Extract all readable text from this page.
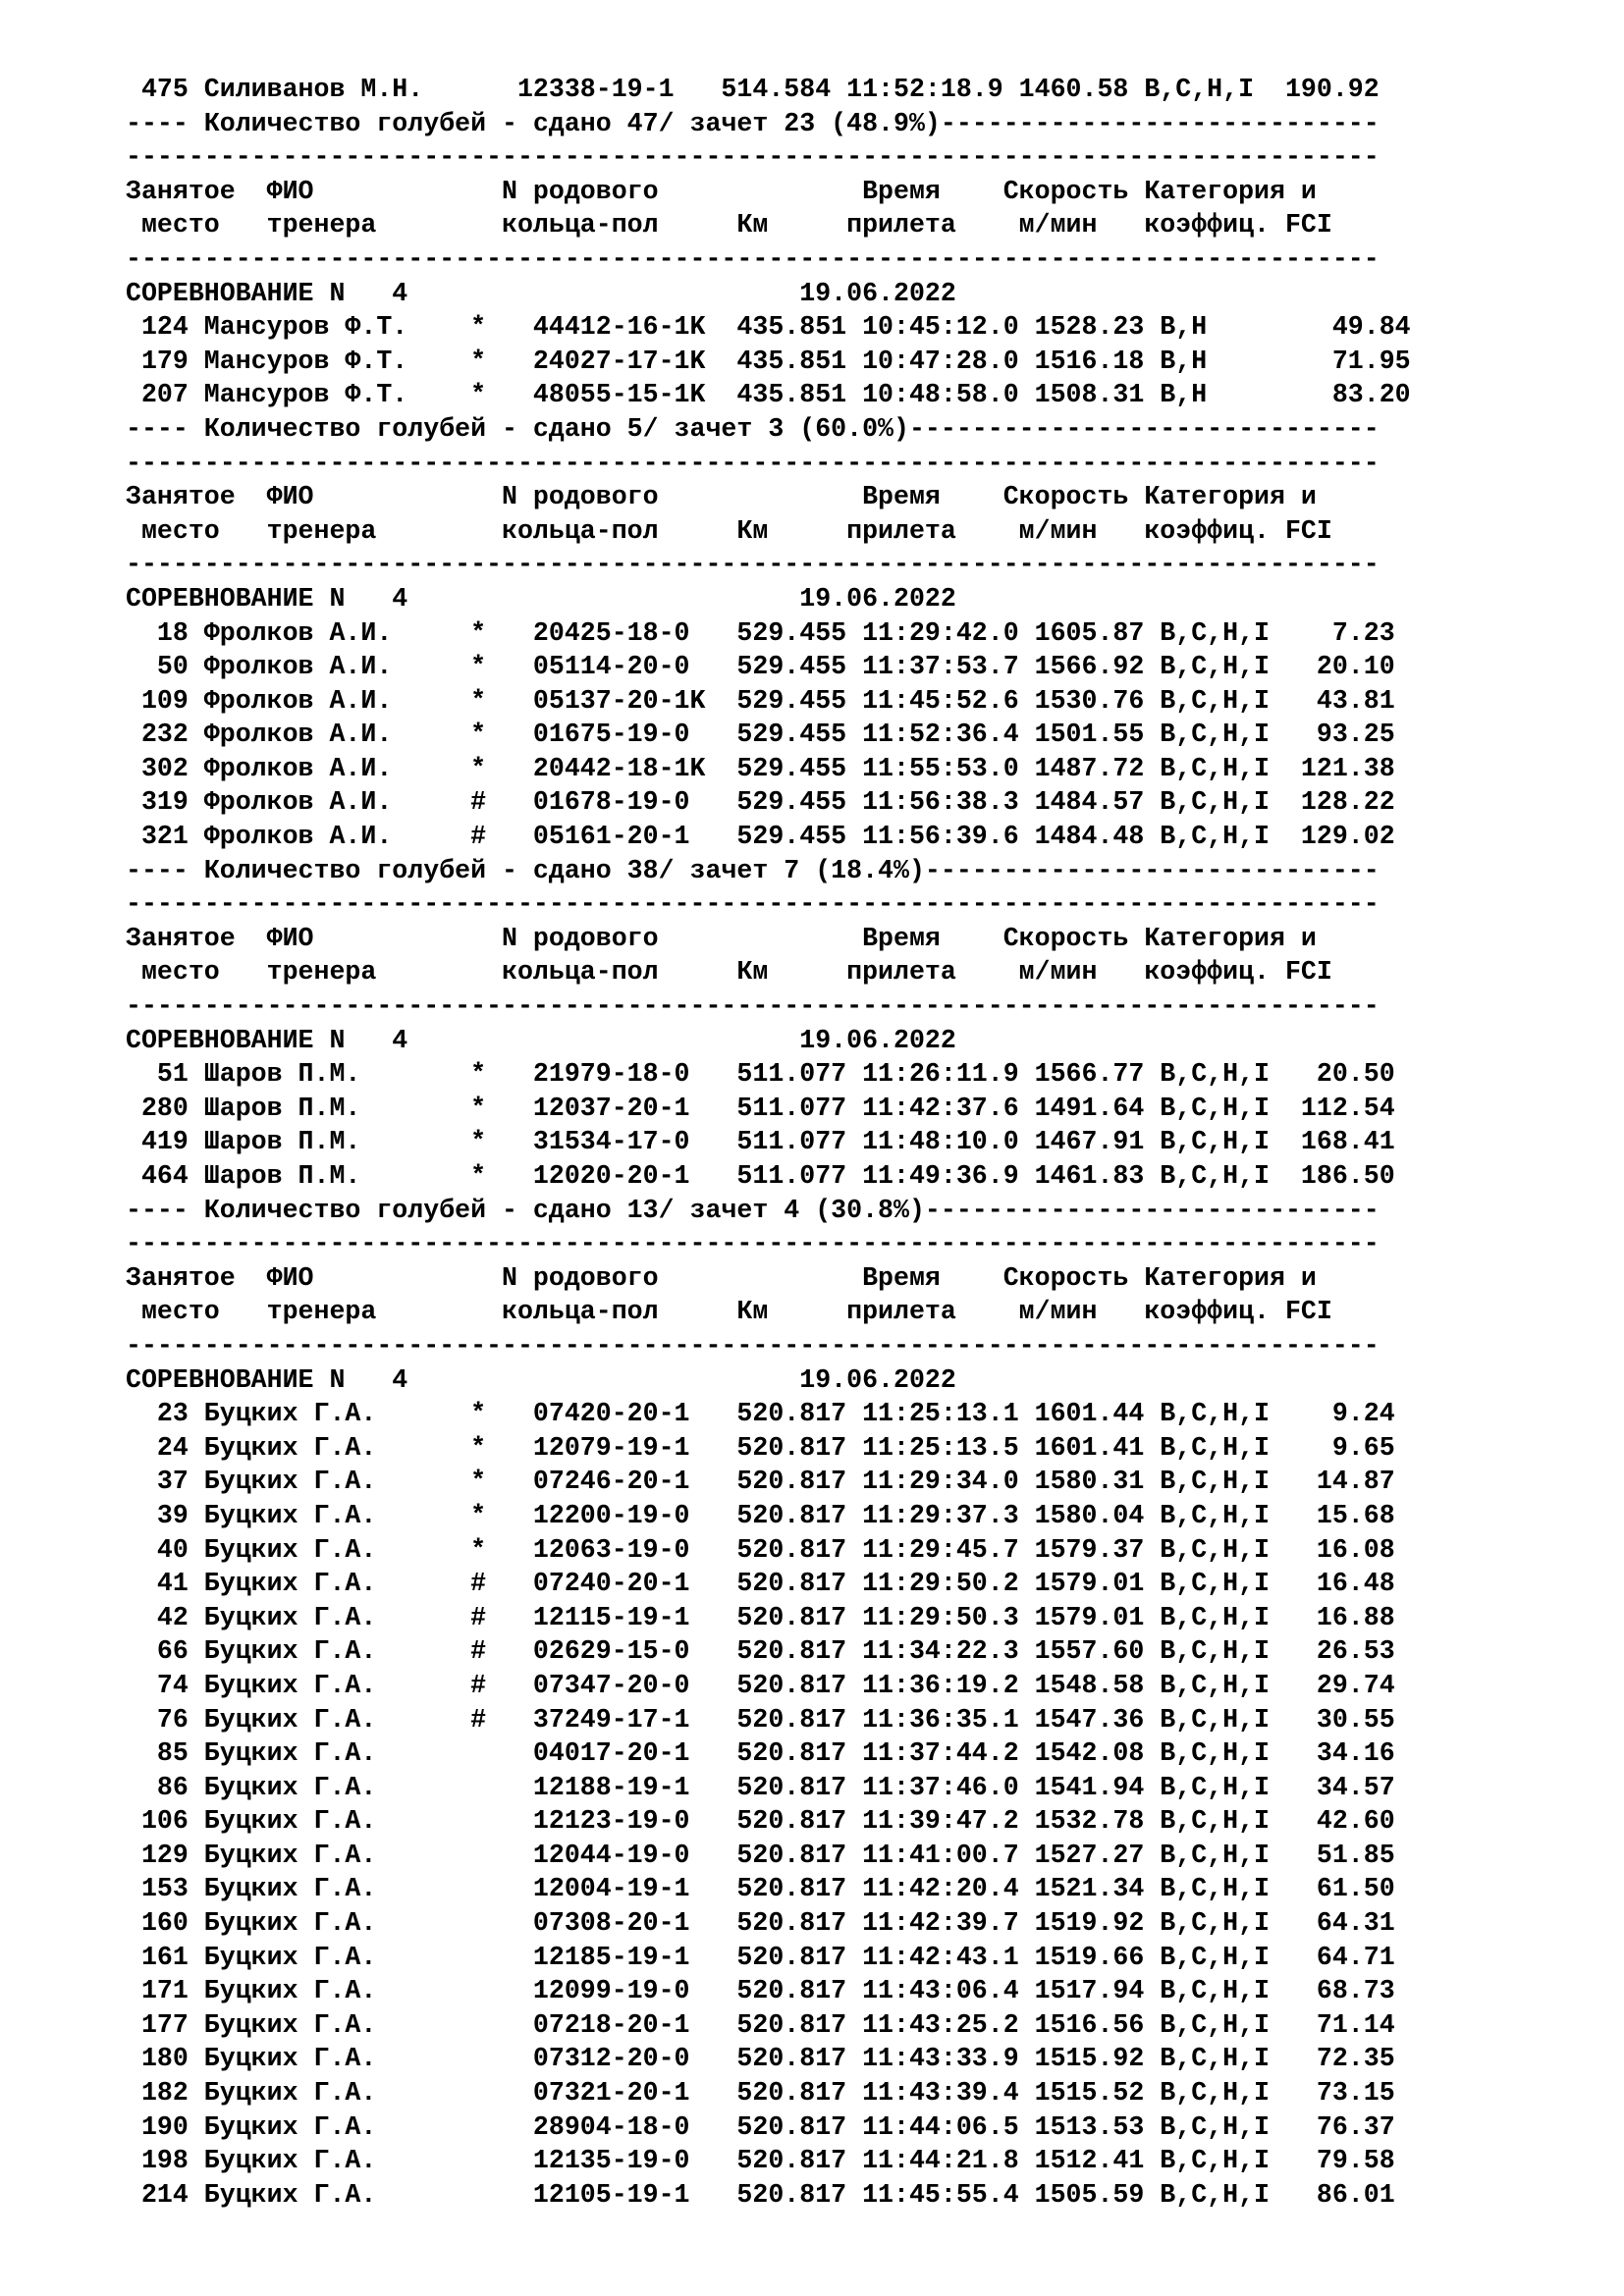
475 Силиванов М.Н.      12338-19-1   514.584 11:52:18.9 1460.58 B,C,H,I  190.92
---- Количество голубей - сдано 47/ зачет 23 (48.9%)----------------------------
--------------------------------------------------------------------------------
Занятое  ФИО            N родового             Время    Скорость Категория и
место   тренера        кольца-пол     Км     прилета    м/мин   коэффиц. FCI
--------------------------------------------------------------------------------
СОРЕВНОВАНИЕ N   4                         19.06.2022
124 Мансуров Ф.Т.    *   44412-16-1K  435.851 10:45:12.0 1528.23 B,H        49.84
179 Мансуров Ф.Т.    *   24027-17-1K  435.851 10:47:28.0 1516.18 B,H        71.95
207 Мансуров Ф.Т.    *   48055-15-1K  435.851 10:48:58.0 1508.31 B,H        83.20
---- Количество голубей - сдано 5/ зачет 3 (60.0%)------------------------------
--------------------------------------------------------------------------------
Занятое  ФИО            N родового             Время    Скорость Категория и
место   тренера        кольца-пол     Км     прилета    м/мин   коэффиц. FCI
--------------------------------------------------------------------------------
СОРЕВНОВАНИЕ N   4                         19.06.2022
18 Фролков А.И.     *   20425-18-0   529.455 11:29:42.0 1605.87 B,C,H,I    7.23
50 Фролков А.И.     *   05114-20-0   529.455 11:37:53.7 1566.92 B,C,H,I   20.10
109 Фролков А.И.     *   05137-20-1K  529.455 11:45:52.6 1530.76 B,C,H,I   43.81
232 Фролков А.И.     *   01675-19-0   529.455 11:52:36.4 1501.55 B,C,H,I   93.25
302 Фролков А.И.     *   20442-18-1K  529.455 11:55:53.0 1487.72 B,C,H,I  121.38
319 Фролков А.И.     #   01678-19-0   529.455 11:56:38.3 1484.57 B,C,H,I  128.22
321 Фролков А.И.     #   05161-20-1   529.455 11:56:39.6 1484.48 B,C,H,I  129.02
---- Количество голубей - сдано 38/ зачет 7 (18.4%)-----------------------------
--------------------------------------------------------------------------------
Занятое  ФИО            N родового             Время    Скорость Категория и
место   тренера        кольца-пол     Км     прилета    м/мин   коэффиц. FCI
--------------------------------------------------------------------------------
СОРЕВНОВАНИЕ N   4                         19.06.2022
51 Шаров П.М.       *   21979-18-0   511.077 11:26:11.9 1566.77 B,C,H,I   20.50
280 Шаров П.М.       *   12037-20-1   511.077 11:42:37.6 1491.64 B,C,H,I  112.54
419 Шаров П.М.       *   31534-17-0   511.077 11:48:10.0 1467.91 B,C,H,I  168.41
464 Шаров П.М.       *   12020-20-1   511.077 11:49:36.9 1461.83 B,C,H,I  186.50
---- Количество голубей - сдано 13/ зачет 4 (30.8%)-----------------------------
--------------------------------------------------------------------------------
Занятое  ФИО            N родового             Время    Скорость Категория и
место   тренера        кольца-пол     Км     прилета    м/мин   коэффиц. FCI
--------------------------------------------------------------------------------
СОРЕВНОВАНИЕ N   4                         19.06.2022
23 Буцких Г.А.      *   07420-20-1   520.817 11:25:13.1 1601.44 B,C,H,I    9.24
24 Буцких Г.А.      *   12079-19-1   520.817 11:25:13.5 1601.41 B,C,H,I    9.65
37 Буцких Г.А.      *   07246-20-1   520.817 11:29:34.0 1580.31 B,C,H,I   14.87
39 Буцких Г.А.      *   12200-19-0   520.817 11:29:37.3 1580.04 B,C,H,I   15.68
40 Буцких Г.А.      *   12063-19-0   520.817 11:29:45.7 1579.37 B,C,H,I   16.08
41 Буцких Г.А.      #   07240-20-1   520.817 11:29:50.2 1579.01 B,C,H,I   16.48
42 Буцких Г.А.      #   12115-19-1   520.817 11:29:50.3 1579.01 B,C,H,I   16.88
66 Буцких Г.А.      #   02629-15-0   520.817 11:34:22.3 1557.60 B,C,H,I   26.53
74 Буцких Г.А.      #   07347-20-0   520.817 11:36:19.2 1548.58 B,C,H,I   29.74
76 Буцких Г.А.      #   37249-17-1   520.817 11:36:35.1 1547.36 B,C,H,I   30.55
85 Буцких Г.А.          04017-20-1   520.817 11:37:44.2 1542.08 B,C,H,I   34.16
86 Буцких Г.А.          12188-19-1   520.817 11:37:46.0 1541.94 B,C,H,I   34.57
106 Буцких Г.А.          12123-19-0   520.817 11:39:47.2 1532.78 B,C,H,I   42.60
129 Буцких Г.А.          12044-19-0   520.817 11:41:00.7 1527.27 B,C,H,I   51.85
153 Буцких Г.А.          12004-19-1   520.817 11:42:20.4 1521.34 B,C,H,I   61.50
160 Буцких Г.А.          07308-20-1   520.817 11:42:39.7 1519.92 B,C,H,I   64.31
161 Буцких Г.А.          12185-19-1   520.817 11:42:43.1 1519.66 B,C,H,I   64.71
171 Буцких Г.А.          12099-19-0   520.817 11:43:06.4 1517.94 B,C,H,I   68.73
177 Буцких Г.А.          07218-20-1   520.817 11:43:25.2 1516.56 B,C,H,I   71.14
180 Буцких Г.А.          07312-20-0   520.817 11:43:33.9 1515.92 B,C,H,I   72.35
182 Буцких Г.А.          07321-20-1   520.817 11:43:39.4 1515.52 B,C,H,I   73.15
190 Буцких Г.А.          28904-18-0   520.817 11:44:06.5 1513.53 B,C,H,I   76.37
198 Буцких Г.А.          12135-19-0   520.817 11:44:21.8 1512.41 B,C,H,I   79.58
214 Буцких Г.А.          12105-19-1   520.817 11:45:55.4 1505.59 B,C,H,I   86.01
